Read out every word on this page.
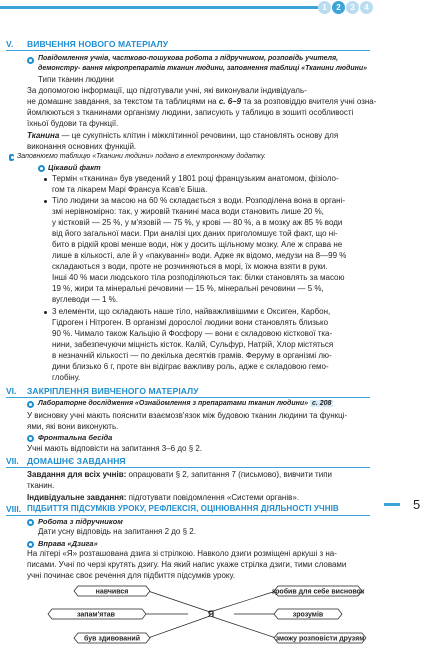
1	2	3	4
V. ВИВЧЕННЯ НОВОГО МАТЕРІАЛУ
Повідомлення учнів, частково-пошукова робота з підручником, розповідь учителя, демонстру- вання мікропрепаратів тканин людини, заповнення таблиці «Тканини людини»
Типи тканин людини
За допомогою інформації, що підготували учні, які виконували індивідуаль-
не домашнє завдання, за текстом та таблицями на с. 6–9 та за розповіддю вчителя учні озна-
йомлюються з тканинами організму людини, записують у таблицю в зошиті особливості
їхньої будови та функції.
Тканина — це сукупність клітин і міжклітинної речовини, що становлять основу для
виконання основних функцій.
Заповнюємо таблицю «Тканини людини» подано в електронному додатку.
Цікавий факт
Термін «тканина» був уведений у 1801 році французьким анатомом, фізіоло-
гом та лікарем Марі Франсуа Ксав'є Біша.
Тіло людини за масою на 60 % складається з води. Розподілена вона в органі-
змі нерівномірно: так, у жировій тканині маса води становить лише 20 %,
у кістковій — 25 %, у м'язовій — 75 %, у крові — 80 %, а в мозку аж 85 % води
від його загальної маси. При аналізі цих даних приголомшує той факт, що ні-
бито в рідкій крові менше води, ніж у досить щільному мозку. Але ж справа не
лише в кількості, але й у «пакуванні» води. Адже як відомо, медузи на 8—99 %
складаються з води, проте не розчиняються в морі, їх можна взяти в руки.
Інші 40 % маси людського тіла розподіляються так: білки становлять за масою
19 %, жири та мінеральні речовини — 15 %, мінеральні речовини — 5 %,
вуглеводи — 1 %.
3 елементи, що складають наше тіло, найважливішими є Оксиген, Карбон,
Гідроген і Нітроген. В організмі дорослої людини вони становлять близько
90 %. Чимало також Кальцію й Фосфору — вони є складовою кісткової тка-
нини, забезпечуючи міцність кісток. Калій, Сульфур, Натрій, Хлор містяться
в незначній кількості — по декілька десятків грамів. Феруму в організмі лю-
дини близько 6 г, проте він відіграє важливу роль, адже є складовою гемо-
глобіну.
VI. ЗАКРІПЛЕННЯ ВИВЧЕНОГО МАТЕРІАЛУ
Лабораторне дослідження «Ознайомлення з препаратами тканин людини» с. 208
У висновку учні мають пояснити взаємозв'язок між будовою тканин людини та функці-
ями, які вони виконують.
Фронтальна бесіда
Учні мають відповісти на запитання 3–6 до § 2.
VII. ДОМАШНЄ ЗАВДАННЯ
Завдання для всіх учнів: опрацювати § 2, запитання 7 (письмово), вивчити типи
тканин.
Індивідуальне завдання: підготувати повідомлення «Системи органів».
VIII. ПІДБИТТЯ ПІДСУМКІВ УРОКУ, РЕФЛЕКСІЯ, ОЦІНЮВАННЯ ДІЯЛЬНОСТІ УЧНІВ
Робота з підручником
Дати усну відповідь на запитання 2 до § 2.
Вправа «Дзига»
На літері «Я» розташована дзига зі стрілкою. Навколо дзиги розміщені аркуші з на-
писами. Учні по черзі крутять дзигу. На який напис укаже стрілка дзиги, тими словами
учні починає своє речення для підбиття підсумків уроку.
навчився	зробив для себе висновок
запам'ятав	зрозумів
був здивований	зможу розповісти друзям
Я
5
